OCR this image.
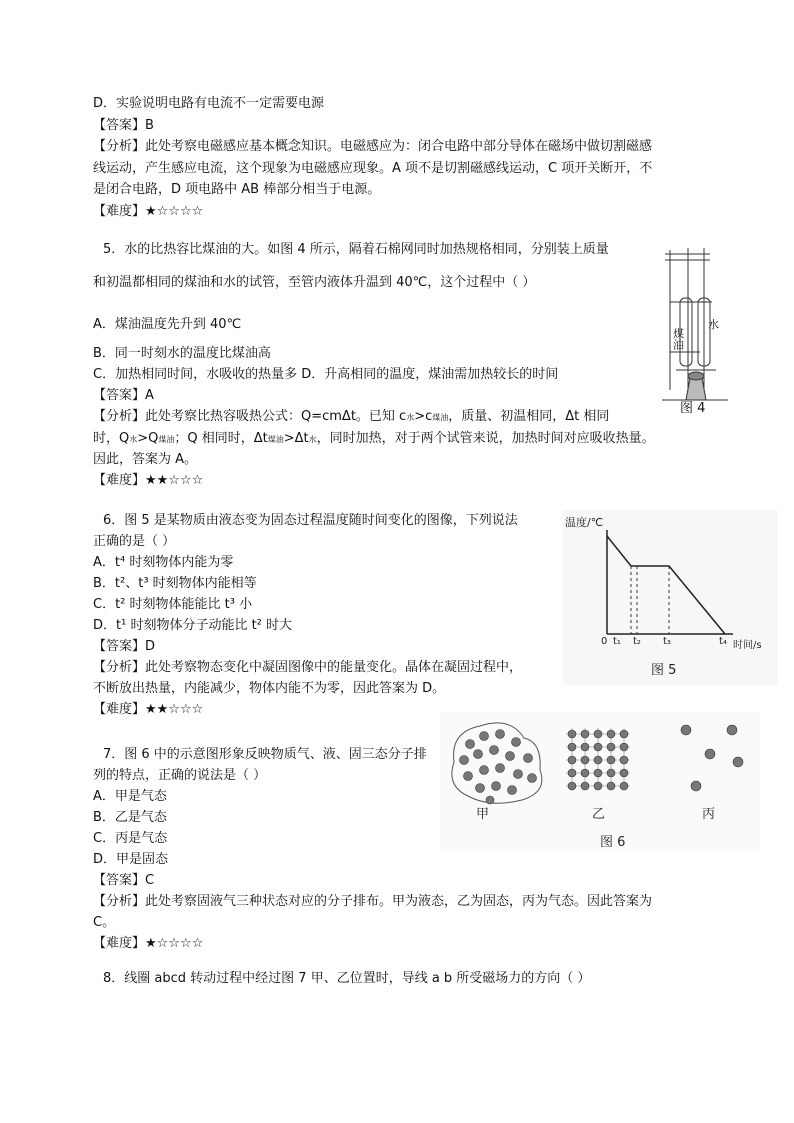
D．实验说明电路有电流不一定需要电源
【答案】B
【分析】此处考察电磁感应基本概念知识。电磁感应为：闭合电路中部分导体在磁场中做切割磁感
线运动，产生感应电流，这个现象为电磁感应现象。A 项不是切割磁感线运动，C 项开关断开，不
是闭合电路，D 项电路中 AB 棒部分相当于电源。
【难度】★☆☆☆☆
5．水的比热容比煤油的大。如图 4 所示，隔着石棉网同时加热规格相同，分别装上质量
和初温都相同的煤油和水的试管，至管内液体升温到 40℃，这个过程中（ ）
A．煤油温度先升到 40℃
B．同一时刻水的温度比煤油高
C．加热相同时间，水吸收的热量多 D．升高相同的温度，煤油需加热较长的时间
【答案】A
【分析】此处考察比热容吸热公式：Q=cmΔt。已知 c水>c煤油，质量、初温相同，Δt 相同
时，Q水>Q煤油；Q 相同时，Δt煤油>Δt水，同时加热，对于两个试管来说，加热时间对应吸收热量。
因此，答案为 A。
【难度】★★☆☆☆
煤油
水
图 4
6．图 5 是某物质由液态变为固态过程温度随时间变化的图像，下列说法
正确的是（ ）
A．t⁴ 时刻物体内能为零
B．t²、t³ 时刻物体内能相等
C．t² 时刻物体能能比 t³ 小
D．t¹ 时刻物体分子动能比 t² 时大
【答案】D
【分析】此处考察物态变化中凝固图像中的能量变化。晶体在凝固过程中，
不断放出热量，内能减少，物体内能不为零，因此答案为 D。
【难度】★★☆☆☆
温度/℃
0 t₁ t₂ t₃	t₄ 时间/s
图 5
7．图 6 中的示意图形象反映物质气、液、固三态分子排
列的特点，正确的说法是（ ）
A．甲是气态
B．乙是气态
C．丙是气态
D．甲是固态
【答案】C
【分析】此处考察固液气三种状态对应的分子排布。甲为液态，乙为固态，丙为气态。因此答案为
C。
【难度】★☆☆☆☆
甲	乙	丙
图 6
8．线圈 abcd 转动过程中经过图 7 甲、乙位置时，导线 a b 所受磁场力的方向（ ）
